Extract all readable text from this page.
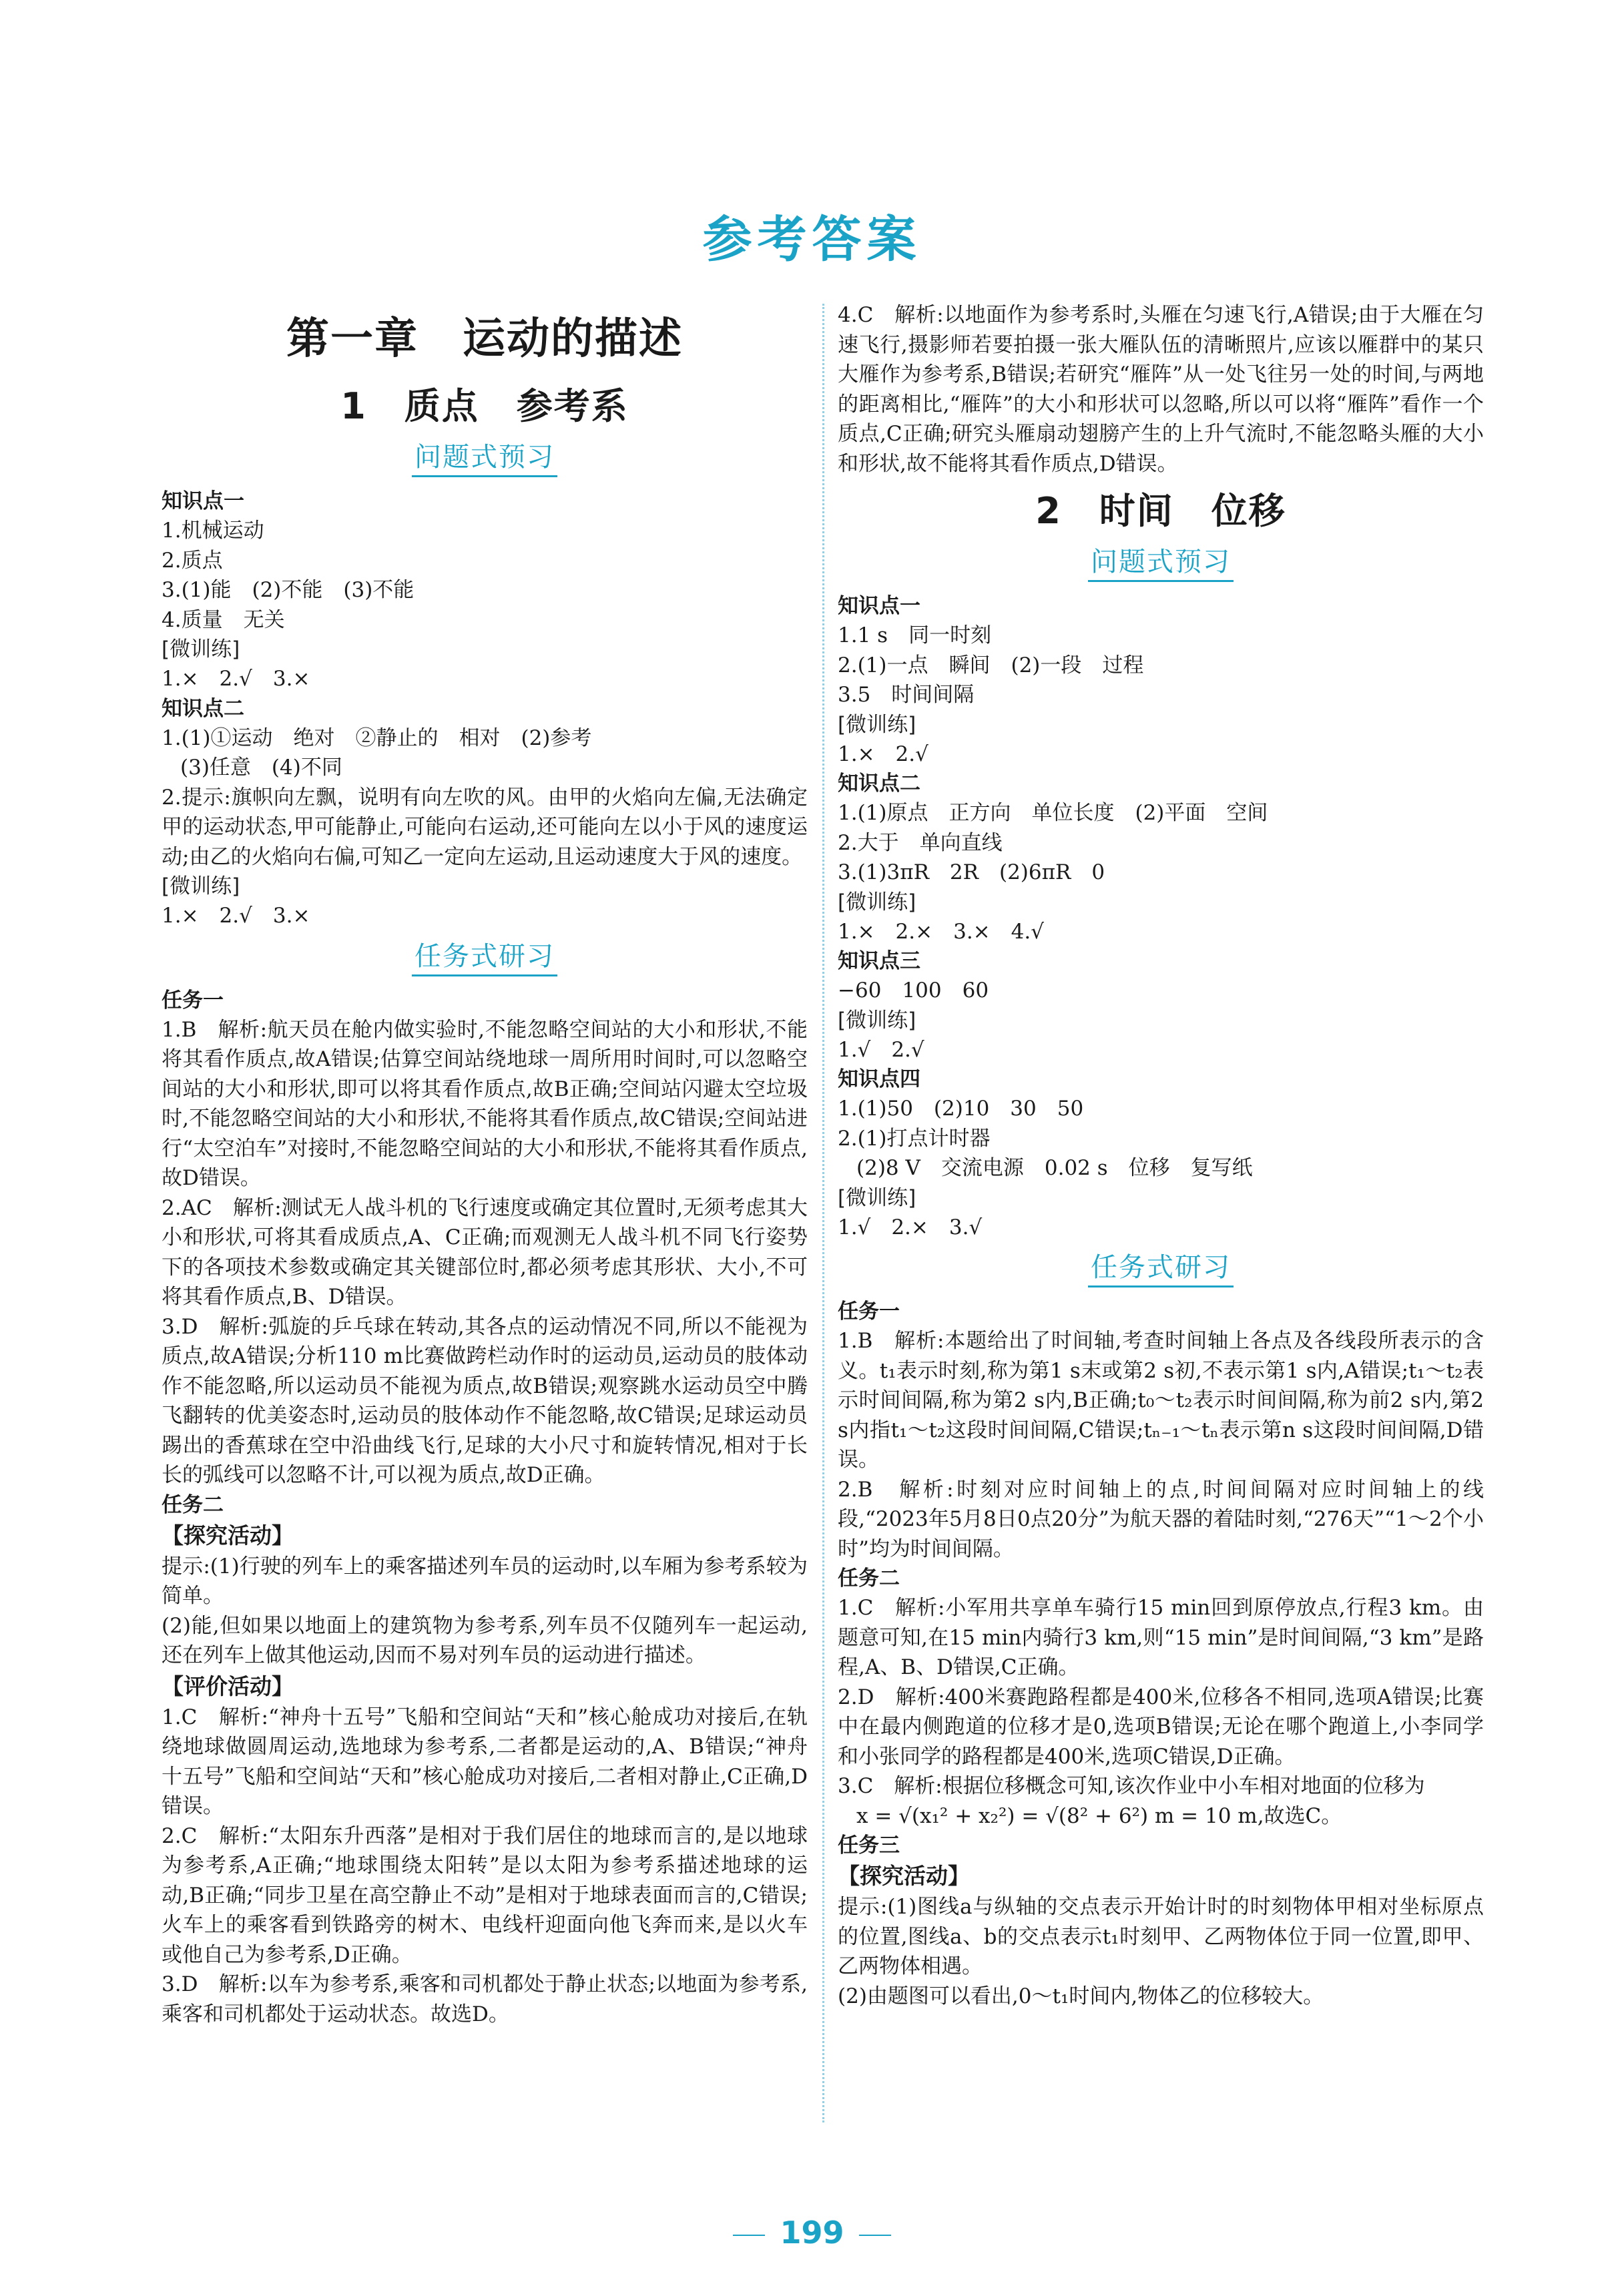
参考答案
第一章　运动的描述
1　质点　参考系
问题式预习
知识点一
1.机械运动
2.质点
3.(1)能　(2)不能　(3)不能
4.质量　无关
[微训练]
1.×　2.√　3.×
知识点二
1.(1)①运动　绝对　②静止的　相对　(2)参考
(3)任意　(4)不同
2.提示:旗帜向左飘，说明有向左吹的风。由甲的火焰向左偏,无法确定甲的运动状态,甲可能静止,可能向右运动,还可能向左以小于风的速度运动;由乙的火焰向右偏,可知乙一定向左运动,且运动速度大于风的速度。
[微训练]
1.×　2.√　3.×
任务式研习
任务一
1.B　解析:航天员在舱内做实验时,不能忽略空间站的大小和形状,不能将其看作质点,故A错误;估算空间站绕地球一周所用时间时,可以忽略空间站的大小和形状,即可以将其看作质点,故B正确;空间站闪避太空垃圾时,不能忽略空间站的大小和形状,不能将其看作质点,故C错误;空间站进行“太空泊车”对接时,不能忽略空间站的大小和形状,不能将其看作质点,故D错误。
2.AC　解析:测试无人战斗机的飞行速度或确定其位置时,无须考虑其大小和形状,可将其看成质点,A、C正确;而观测无人战斗机不同飞行姿势下的各项技术参数或确定其关键部位时,都必须考虑其形状、大小,不可将其看作质点,B、D错误。
3.D　解析:弧旋的乒乓球在转动,其各点的运动情况不同,所以不能视为质点,故A错误;分析110 m比赛做跨栏动作时的运动员,运动员的肢体动作不能忽略,所以运动员不能视为质点,故B错误;观察跳水运动员空中腾飞翻转的优美姿态时,运动员的肢体动作不能忽略,故C错误;足球运动员踢出的香蕉球在空中沿曲线飞行,足球的大小尺寸和旋转情况,相对于长长的弧线可以忽略不计,可以视为质点,故D正确。
任务二
【探究活动】
提示:(1)行驶的列车上的乘客描述列车员的运动时,以车厢为参考系较为简单。
(2)能,但如果以地面上的建筑物为参考系,列车员不仅随列车一起运动,还在列车上做其他运动,因而不易对列车员的运动进行描述。
【评价活动】
1.C　解析:“神舟十五号”飞船和空间站“天和”核心舱成功对接后,在轨绕地球做圆周运动,选地球为参考系,二者都是运动的,A、B错误;“神舟十五号”飞船和空间站“天和”核心舱成功对接后,二者相对静止,C正确,D错误。
2.C　解析:“太阳东升西落”是相对于我们居住的地球而言的,是以地球为参考系,A正确;“地球围绕太阳转”是以太阳为参考系描述地球的运动,B正确;“同步卫星在高空静止不动”是相对于地球表面而言的,C错误;火车上的乘客看到铁路旁的树木、电线杆迎面向他飞奔而来,是以火车或他自己为参考系,D正确。
3.D　解析:以车为参考系,乘客和司机都处于静止状态;以地面为参考系,乘客和司机都处于运动状态。故选D。
4.C　解析:以地面作为参考系时,头雁在匀速飞行,A错误;由于大雁在匀速飞行,摄影师若要拍摄一张大雁队伍的清晰照片,应该以雁群中的某只大雁作为参考系,B错误;若研究“雁阵”从一处飞往另一处的时间,与两地的距离相比,“雁阵”的大小和形状可以忽略,所以可以将“雁阵”看作一个质点,C正确;研究头雁扇动翅膀产生的上升气流时,不能忽略头雁的大小和形状,故不能将其看作质点,D错误。
2　时间　位移
问题式预习
知识点一
1.1 s　同一时刻
2.(1)一点　瞬间　(2)一段　过程
3.5　时间间隔
[微训练]
1.×　2.√
知识点二
1.(1)原点　正方向　单位长度　(2)平面　空间
2.大于　单向直线
3.(1)3πR　2R　(2)6πR　0
[微训练]
1.×　2.×　3.×　4.√
知识点三
−60　100　60
[微训练]
1.√　2.√
知识点四
1.(1)50　(2)10　30　50
2.(1)打点计时器
(2)8 V　交流电源　0.02 s　位移　复写纸
[微训练]
1.√　2.×　3.√
任务式研习
任务一
1.B　解析:本题给出了时间轴,考查时间轴上各点及各线段所表示的含义。t₁表示时刻,称为第1 s末或第2 s初,不表示第1 s内,A错误;t₁～t₂表示时间间隔,称为第2 s内,B正确;t₀～t₂表示时间间隔,称为前2 s内,第2 s内指t₁～t₂这段时间间隔,C错误;tₙ₋₁～tₙ表示第n s这段时间间隔,D错误。
2.B　解析:时刻对应时间轴上的点,时间间隔对应时间轴上的线段,“2023年5月8日0点20分”为航天器的着陆时刻,“276天”“1～2个小时”均为时间间隔。
任务二
1.C　解析:小军用共享单车骑行15 min回到原停放点,行程3 km。由题意可知,在15 min内骑行3 km,则“15 min”是时间间隔,“3 km”是路程,A、B、D错误,C正确。
2.D　解析:400米赛跑路程都是400米,位移各不相同,选项A错误;比赛中在最内侧跑道的位移才是0,选项B错误;无论在哪个跑道上,小李同学和小张同学的路程都是400米,选项C错误,D正确。
3.C　解析:根据位移概念可知,该次作业中小车相对地面的位移为
x = √(x₁² + x₂²) = √(8² + 6²) m = 10 m,故选C。
任务三
【探究活动】
提示:(1)图线a与纵轴的交点表示开始计时的时刻物体甲相对坐标原点的位置,图线a、b的交点表示t₁时刻甲、乙两物体位于同一位置,即甲、乙两物体相遇。
(2)由题图可以看出,0～t₁时间内,物体乙的位移较大。
199
